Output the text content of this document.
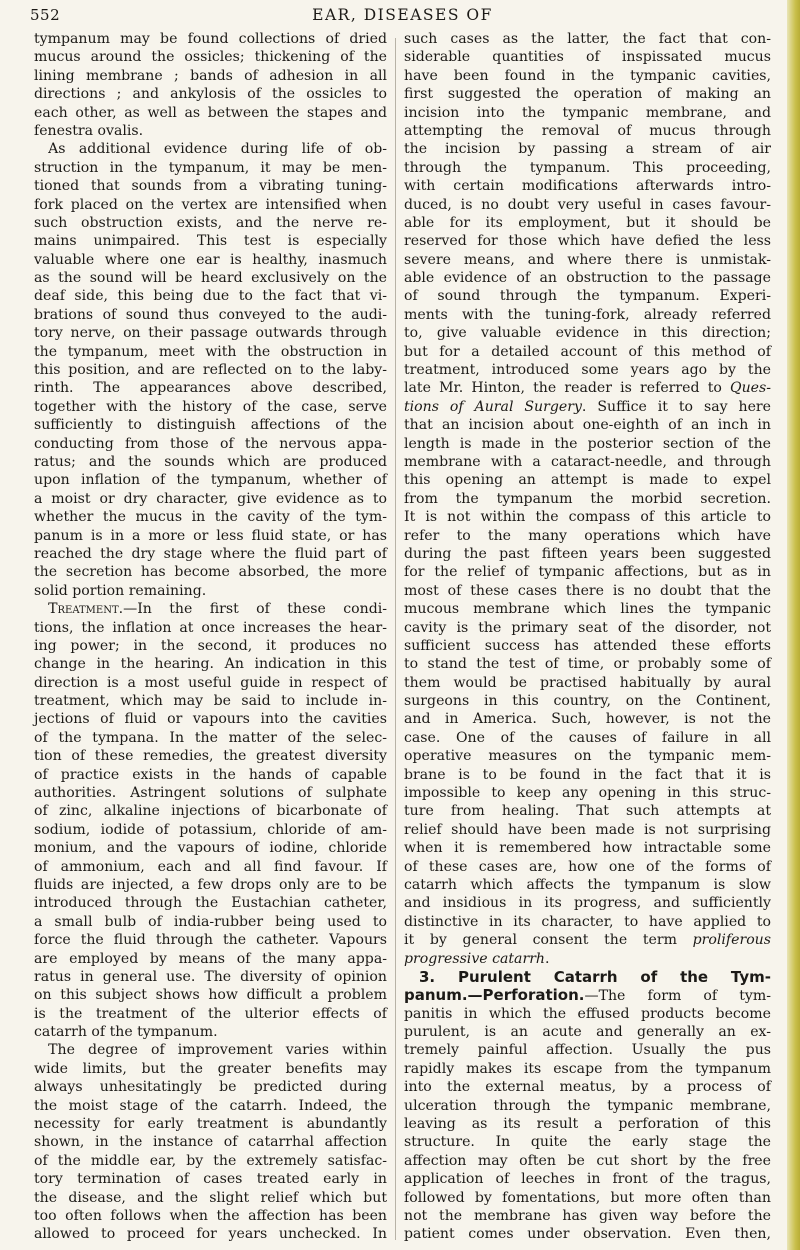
552	EAR, DISEASES OF
tympanum may be found collections of dried
mucus around the ossicles; thickening of the
lining membrane ; bands of adhesion in all
directions ; and ankylosis of the ossicles to
each other, as well as between the stapes and
fenestra ovalis.
 As additional evidence during life of ob-
struction in the tympanum, it may be men-
tioned that sounds from a vibrating tuning-
fork placed on the vertex are intensified when
such obstruction exists, and the nerve re-
mains unimpaired. This test is especially
valuable where one ear is healthy, inasmuch
as the sound will be heard exclusively on the
deaf side, this being due to the fact that vi-
brations of sound thus conveyed to the audi-
tory nerve, on their passage outwards through
the tympanum, meet with the obstruction in
this position, and are reflected on to the laby-
rinth. The appearances above described,
together with the history of the case, serve
sufficiently to distinguish affections of the
conducting from those of the nervous appa-
ratus; and the sounds which are produced
upon inflation of the tympanum, whether of
a moist or dry character, give evidence as to
whether the mucus in the cavity of the tym-
panum is in a more or less fluid state, or has
reached the dry stage where the fluid part of
the secretion has become absorbed, the more
solid portion remaining.
 Treatment.—In the first of these condi-
tions, the inflation at once increases the hear-
ing power; in the second, it produces no
change in the hearing. An indication in this
direction is a most useful guide in respect of
treatment, which may be said to include in-
jections of fluid or vapours into the cavities
of the tympana. In the matter of the selec-
tion of these remedies, the greatest diversity
of practice exists in the hands of capable
authorities. Astringent solutions of sulphate
of zinc, alkaline injections of bicarbonate of
sodium, iodide of potassium, chloride of am-
monium, and the vapours of iodine, chloride
of ammonium, each and all find favour. If
fluids are injected, a few drops only are to be
introduced through the Eustachian catheter,
a small bulb of india-rubber being used to
force the fluid through the catheter. Vapours
are employed by means of the many appa-
ratus in general use. The diversity of opinion
on this subject shows how difficult a problem
is the treatment of the ulterior effects of
catarrh of the tympanum.
 The degree of improvement varies within
wide limits, but the greater benefits may
always unhesitatingly be predicted during
the moist stage of the catarrh. Indeed, the
necessity for early treatment is abundantly
shown, in the instance of catarrhal affection
of the middle ear, by the extremely satisfac-
tory termination of cases treated early in
the disease, and the slight relief which but
too often follows when the affection has been
allowed to proceed for years unchecked. In
such cases as the latter, the fact that con-
siderable quantities of inspissated mucus
have been found in the tympanic cavities,
first suggested the operation of making an
incision into the tympanic membrane, and
attempting the removal of mucus through
the incision by passing a stream of air
through the tympanum. This proceeding,
with certain modifications afterwards intro-
duced, is no doubt very useful in cases favour-
able for its employment, but it should be
reserved for those which have defied the less
severe means, and where there is unmistak-
able evidence of an obstruction to the passage
of sound through the tympanum. Experi-
ments with the tuning-fork, already referred
to, give valuable evidence in this direction;
but for a detailed account of this method of
treatment, introduced some years ago by the
late Mr. Hinton, the reader is referred to Ques-
tions of Aural Surgery. Suffice it to say here
that an incision about one-eighth of an inch in
length is made in the posterior section of the
membrane with a cataract-needle, and through
this opening an attempt is made to expel
from the tympanum the morbid secretion.
It is not within the compass of this article to
refer to the many operations which have
during the past fifteen years been suggested
for the relief of tympanic affections, but as in
most of these cases there is no doubt that the
mucous membrane which lines the tympanic
cavity is the primary seat of the disorder, not
sufficient success has attended these efforts
to stand the test of time, or probably some of
them would be practised habitually by aural
surgeons in this country, on the Continent,
and in America. Such, however, is not the
case. One of the causes of failure in all
operative measures on the tympanic mem-
brane is to be found in the fact that it is
impossible to keep any opening in this struc-
ture from healing. That such attempts at
relief should have been made is not surprising
when it is remembered how intractable some
of these cases are, how one of the forms of
catarrh which affects the tympanum is slow
and insidious in its progress, and sufficiently
distinctive in its character, to have applied to
it by general consent the term proliferous
progressive catarrh.
 3. Purulent Catarrh of the Tym-
panum.—Perforation.—The form of tym-
panitis in which the effused products become
purulent, is an acute and generally an ex-
tremely painful affection. Usually the pus
rapidly makes its escape from the tympanum
into the external meatus, by a process of
ulceration through the tympanic membrane,
leaving as its result a perforation of this
structure. In quite the early stage the
affection may often be cut short by the free
application of leeches in front of the tragus,
followed by fomentations, but more often than
not the membrane has given way before the
patient comes under observation. Even then,
